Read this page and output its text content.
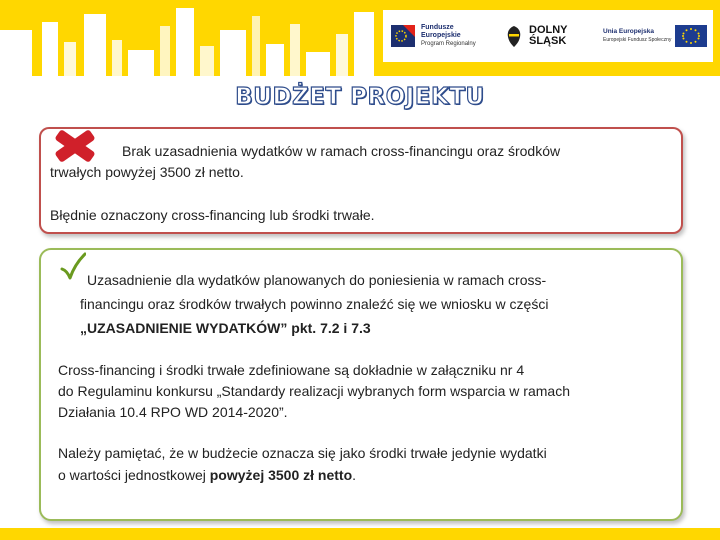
Fundusze
Europejskie
Program Regionalny
DOLNY
ŚLĄSK
Unia Europejska
Europejski Fundusz Społeczny
BUDŻET PROJEKTU
Brak uzasadnienia wydatków w ramach cross-financingu oraz środków
trwałych powyżej 3500 zł netto.
Błędnie oznaczony cross-financing lub środki trwałe.
Uzasadnienie dla wydatków planowanych do poniesienia w ramach cross-
financingu oraz środków trwałych powinno znaleźć się we wniosku w części
„UZASADNIENIE WYDATKÓW” pkt. 7.2 i 7.3
Cross-financing i środki trwałe zdefiniowane są dokładnie w załączniku nr 4
do Regulaminu konkursu „Standardy realizacji wybranych form wsparcia w ramach
Działania 10.4 RPO WD 2014-2020”.
Należy pamiętać, że w budżecie oznacza się jako środki trwałe jedynie wydatki
o wartości jednostkowej powyżej 3500 zł netto.
